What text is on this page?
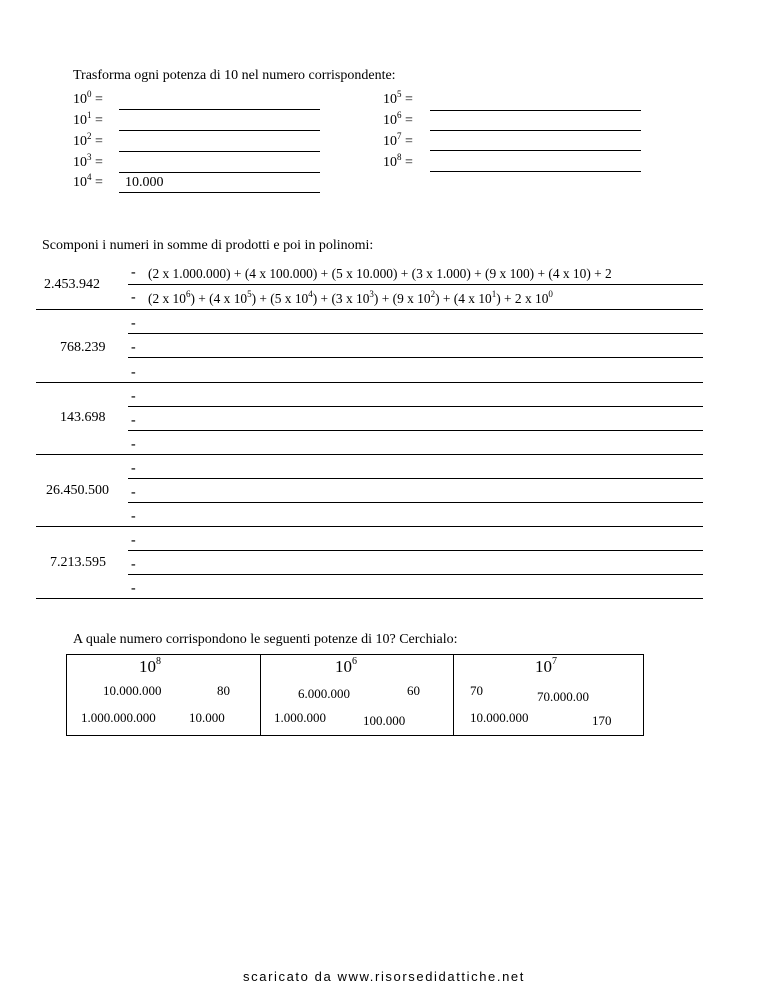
Trasforma ogni potenza di 10 nel numero corrispondente:
$10^0$ =
$10^1$ =
$10^2$ =
$10^3$ =
$10^4 = 10.000$
$10^5$ =
$10^6$ =
$10^7$ =
$10^8$ =
Scomponi i numeri in somme di prodotti e poi in polinomi:
2.453.942
- (2 x 1.000.000) + (4 x 100.000) + (5 x 10.000) + (3 x 1.000) + (9 x 100) + (4 x 10) + 2
- (2 x $10^6) + (4$ x $10^5) + (5$ x $10^4) + (3$ x $10^3) + (9$ x $10^2) + (4$ x $10^1) + 2$ x $10^0$
768.239
-
-
-
143.698
-
-
-
26.450.500
-
-
-
7.213.595
-
-
-
A quale numero corrispondono le seguenti potenze di 10? Cerchialo:
$10^8$
10.000.000	80
1.000.000.000	10.000
$10^6$
6.000.000	60
1.000.000	100.000
$10^7$
70	70.000.00
10.000.000	170
scaricato da www.risorsedidattiche.net
